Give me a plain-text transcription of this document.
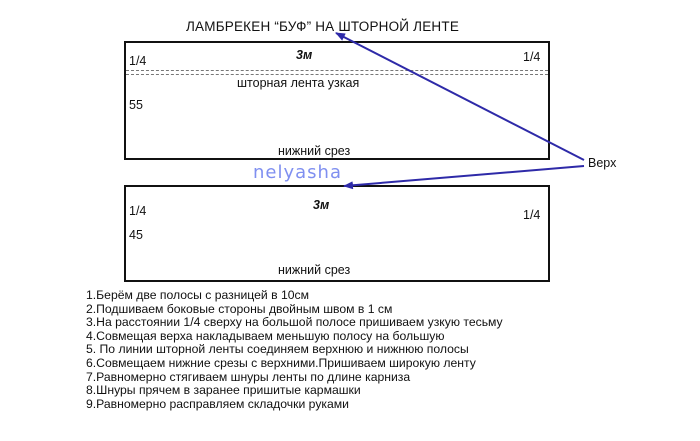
ЛАМБРЕКЕН “БУФ” НА ШТОРНОЙ ЛЕНТЕ
1/4	1/4
3м
шторная лента узкая
55
нижний срез
nelyasha
1/4	1/4
3м
45
нижний срез
Верх
1.Берём две полосы с разницей в 10см
2.Подшиваем боковые стороны двойным швом в 1 см
3.На расстоянии 1/4 сверху на большой полосе пришиваем узкую тесьму
4.Совмещая верха накладываем меньшую полосу на большую
5. По линии шторной ленты соединяем верхнюю и нижнюю полосы
6.Совмещаем нижние срезы с верхними.Пришиваем широкую ленту
7.Равномерно стягиваем шнуры ленты по длине карниза
8.Шнуры прячем в заранее пришитые кармашки
9.Равномерно расправляем складочки руками
